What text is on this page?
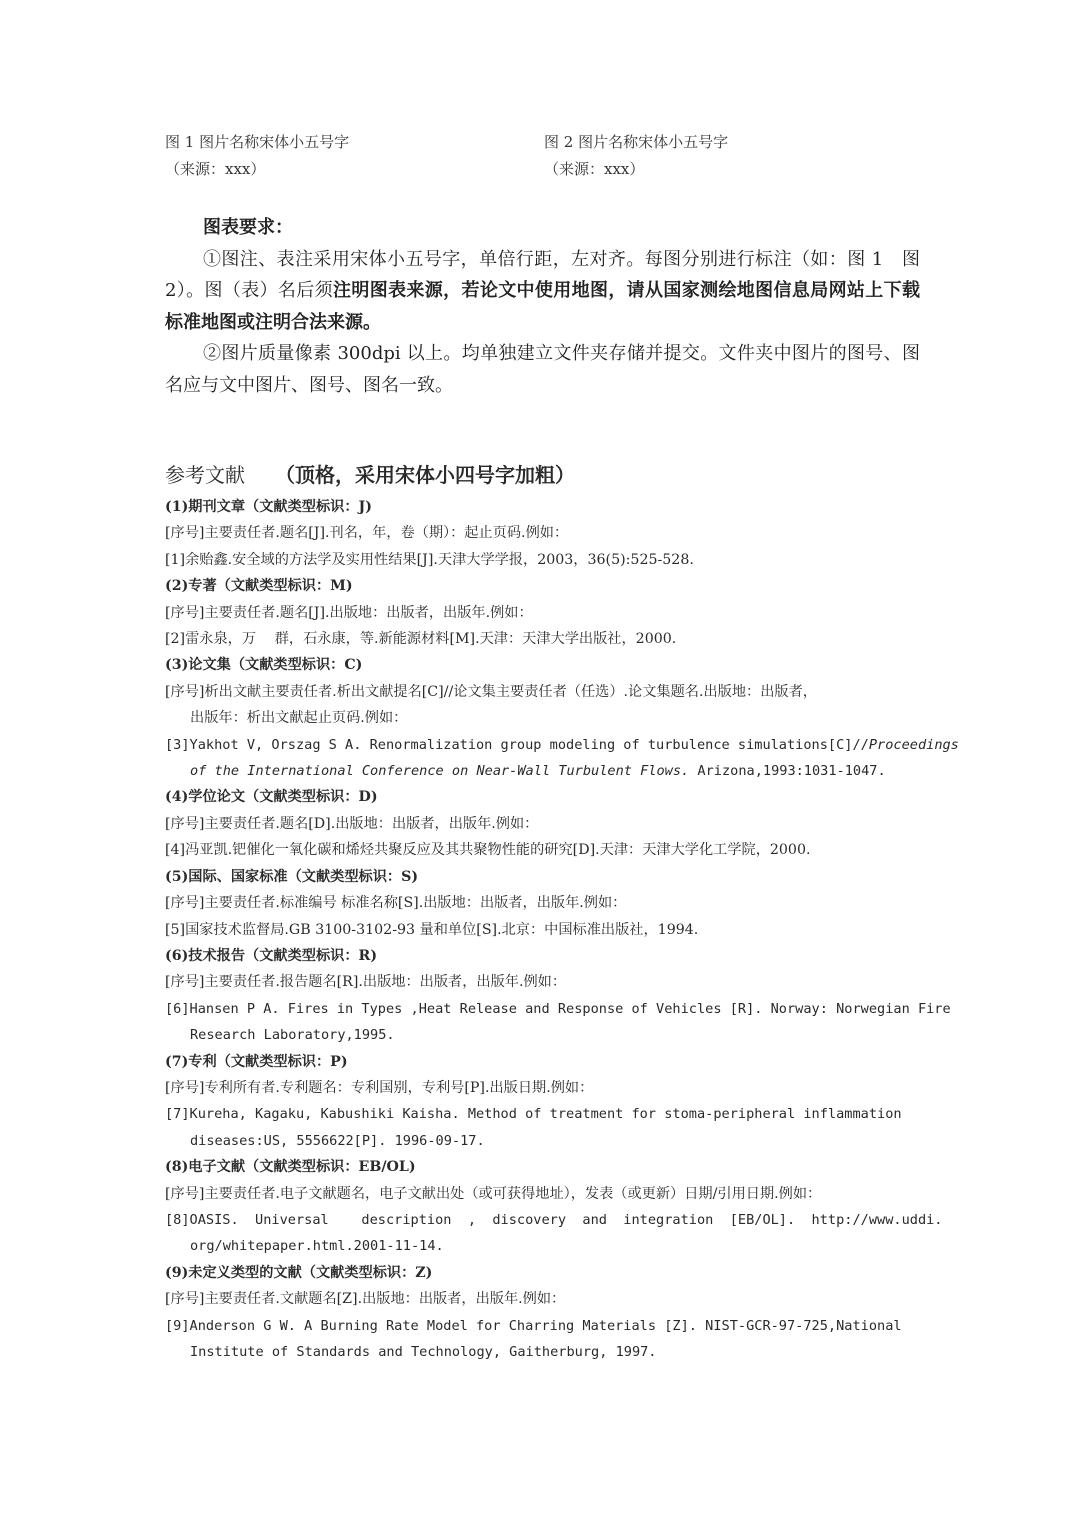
图 1 图片名称宋体小五号字
（来源：xxx）
图 2 图片名称宋体小五号字
（来源：xxx）
图表要求：

①图注、表注采用宋体小五号字，单倍行距，左对齐。每图分别进行标注（如：图 1　图 2）。图（表）名后须注明图表来源，若论文中使用地图，请从国家测绘地图信息局网站上下载标准地图或注明合法来源。

②图片质量像素 300dpi 以上。均单独建立文件夹存储并提交。文件夹中图片的图号、图名应与文中图片、图号、图名一致。

参考文献 （顶格，采用宋体小四号字加粗）
(1)期刊文章（文献类型标识：J)
[序号]主要责任者.题名[J].刊名，年，卷（期）：起止页码.例如：
[1]余贻鑫.安全域的方法学及实用性结果[J].天津大学学报，2003，36(5):525-528.
(2)专著（文献类型标识：M)
[序号]主要责任者.题名[J].出版地：出版者，出版年.例如：
[2]雷永泉，万　 群，石永康，等.新能源材料[M].天津：天津大学出版社，2000.
(3)论文集（文献类型标识：C)
[序号]析出文献主要责任者.析出文献提名[C]//论文集主要责任者（任选）.论文集题名.出版地：出版者，
出版年：析出文献起止页码.例如：
[3]Yakhot V, Orszag S A. Renormalization group modeling of turbulence simulations[C]//Proceedings
of the International Conference on Near-Wall Turbulent Flows. Arizona,1993:1031-1047.
(4)学位论文（文献类型标识：D)
[序号]主要责任者.题名[D].出版地：出版者，出版年.例如：
[4]冯亚凯.钯催化一氧化碳和烯烃共聚反应及其共聚物性能的研究[D].天津：天津大学化工学院，2000.
(5)国际、国家标准（文献类型标识：S)
[序号]主要责任者.标准编号 标准名称[S].出版地：出版者，出版年.例如：
[5]国家技术监督局.GB 3100-3102-93 量和单位[S].北京：中国标准出版社，1994.
(6)技术报告（文献类型标识：R)
[序号]主要责任者.报告题名[R].出版地：出版者，出版年.例如：
[6]Hansen P A. Fires in Types ,Heat Release and Response of Vehicles [R]. Norway: Norwegian Fire
Research Laboratory,1995.
(7)专利（文献类型标识：P)
[序号]专利所有者.专利题名：专利国别，专利号[P].出版日期.例如：
[7]Kureha, Kagaku, Kabushiki Kaisha. Method of treatment for stoma-peripheral inflammation
diseases:US, 5556622[P]. 1996-09-17.
(8)电子文献（文献类型标识：EB/OL)
[序号]主要责任者.电子文献题名，电子文献出处（或可获得地址），发表（或更新）日期/引用日期.例如：
[8]OASIS.  Universal    description  ,  discovery  and  integration  [EB/OL].  http://www.uddi.
org/whitepaper.html.2001-11-14.
(9)未定义类型的文献（文献类型标识：Z)
[序号]主要责任者.文献题名[Z].出版地：出版者，出版年.例如：
[9]Anderson G W. A Burning Rate Model for Charring Materials [Z]. NIST-GCR-97-725,National
Institute of Standards and Technology, Gaitherburg, 1997.
